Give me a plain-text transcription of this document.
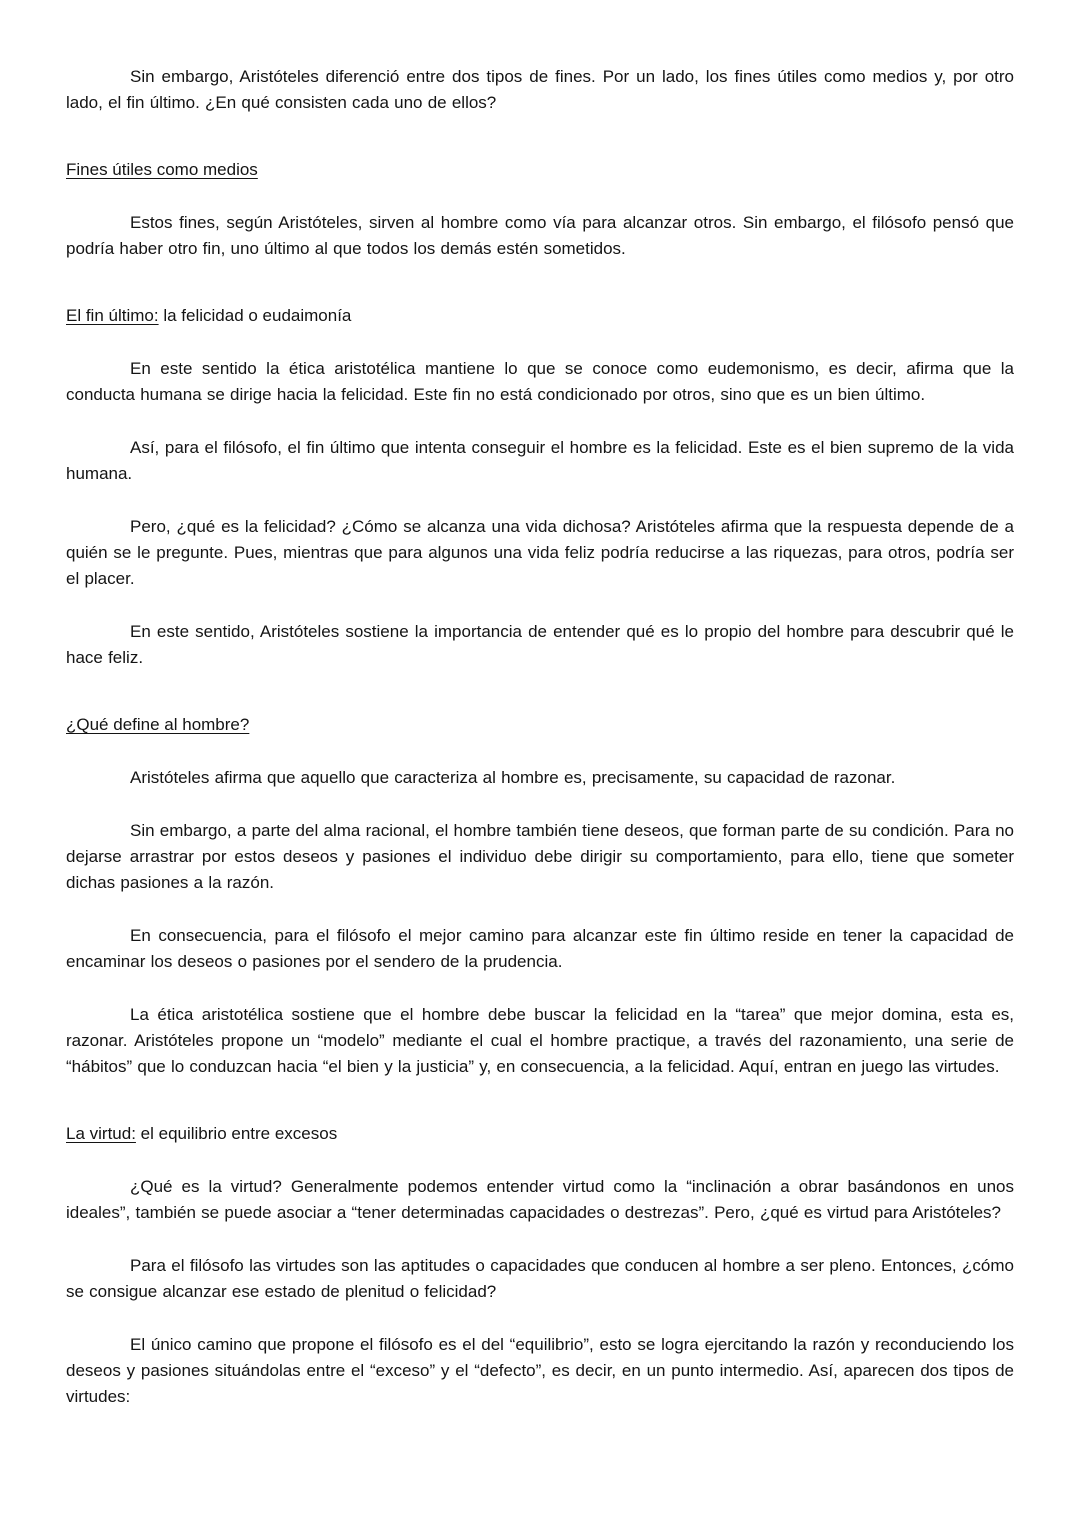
Sin embargo, Aristóteles diferenció entre dos tipos de fines. Por un lado, los fines útiles como medios y, por otro lado, el fin último. ¿En qué consisten cada uno de ellos?

Fines útiles como medios

Estos fines, según Aristóteles, sirven al hombre como vía para alcanzar otros. Sin embargo, el filósofo pensó que podría haber otro fin, uno último al que todos los demás estén sometidos.

El fin último: la felicidad o eudaimonía

En este sentido la ética aristotélica mantiene lo que se conoce como eudemonismo, es decir, afirma que la conducta humana se dirige hacia la felicidad. Este fin no está condicionado por otros, sino que es un bien último.

Así, para el filósofo, el fin último que intenta conseguir el hombre es la felicidad. Este es el bien supremo de la vida humana.

Pero, ¿qué es la felicidad? ¿Cómo se alcanza una vida dichosa? Aristóteles afirma que la respuesta depende de a quién se le pregunte. Pues, mientras que para algunos una vida feliz podría reducirse a las riquezas, para otros, podría ser el placer.

En este sentido, Aristóteles sostiene la importancia de entender qué es lo propio del hombre para descubrir qué le hace feliz.

¿Qué define al hombre?

Aristóteles afirma que aquello que caracteriza al hombre es, precisamente, su capacidad de razonar.

Sin embargo, a parte del alma racional, el hombre también tiene deseos, que forman parte de su condición. Para no dejarse arrastrar por estos deseos y pasiones el individuo debe dirigir su comportamiento, para ello, tiene que someter dichas pasiones a la razón.

En consecuencia, para el filósofo el mejor camino para alcanzar este fin último reside en tener la capacidad de encaminar los deseos o pasiones por el sendero de la prudencia.

La ética aristotélica sostiene que el hombre debe buscar la felicidad en la “tarea” que mejor domina, esta es, razonar. Aristóteles propone un “modelo” mediante el cual el hombre practique, a través del razonamiento, una serie de “hábitos” que lo conduzcan hacia “el bien y la justicia” y, en consecuencia, a la felicidad. Aquí, entran en juego las virtudes.

La virtud: el equilibrio entre excesos

¿Qué es la virtud? Generalmente podemos entender virtud como la “inclinación a obrar basándonos en unos ideales”, también se puede asociar a “tener determinadas capacidades o destrezas”. Pero, ¿qué es virtud para Aristóteles?

Para el filósofo las virtudes son las aptitudes o capacidades que conducen al hombre a ser pleno. Entonces, ¿cómo se consigue alcanzar ese estado de plenitud o felicidad?

El único camino que propone el filósofo es el del “equilibrio”, esto se logra ejercitando la razón y reconduciendo los deseos y pasiones situándolas entre el “exceso” y el “defecto”, es decir, en un punto intermedio. Así, aparecen dos tipos de virtudes:
